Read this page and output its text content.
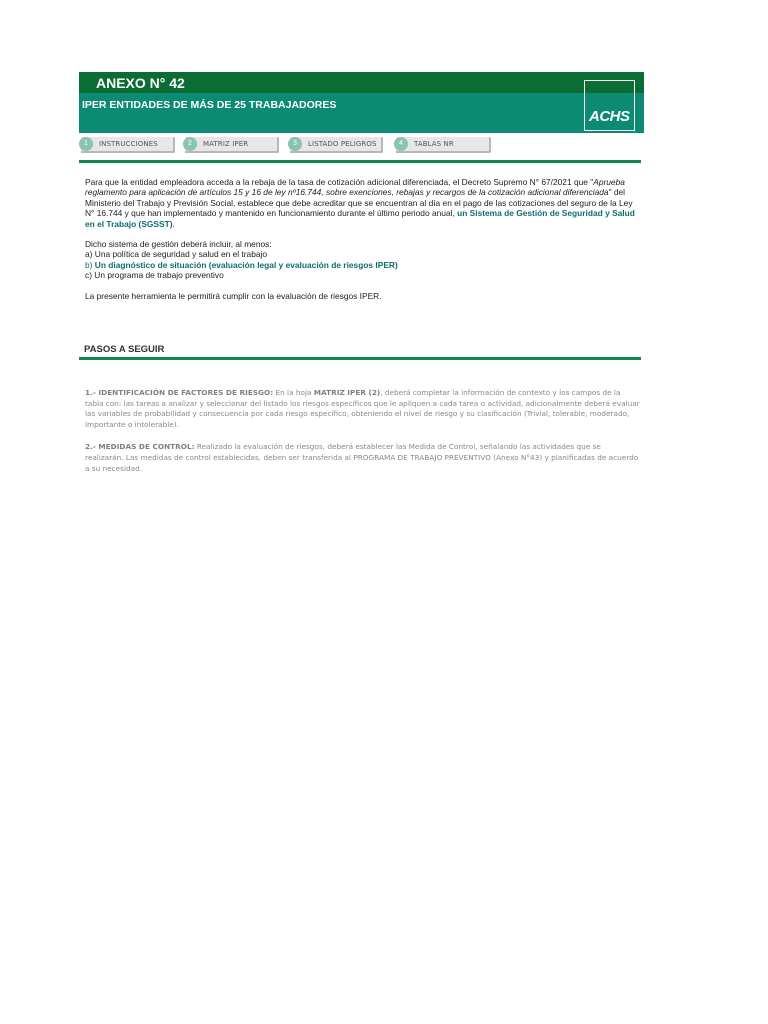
ANEXO N° 42
IPER ENTIDADES DE MÁS DE 25 TRABAJADORES
ACHS
1	INSTRUCCIONES	2	MATRIZ IPER	3	LISTADO PELIGROS	4	TABLAS NR

Para que la entidad empleadora acceda a la rebaja de la tasa de cotización adicional diferenciada, el Decreto Supremo N° 67/2021 que "Aprueba reglamento para aplicación de artículos 15 y 16 de ley nº16.744, sobre exenciones, rebajas y recargos de la cotización adicional diferenciada" del Ministerio del Trabajo y Previsión Social, establece que debe acreditar que se encuentran al día en el pago de las cotizaciones del seguro de la Ley N° 16.744 y que han implementado y mantenido en funcionamiento durante el último periodo anual, un Sistema de Gestión de Seguridad y Salud en el Trabajo (SGSST).

Dicho sistema de gestión deberá incluir, al menos:

a) Una política de seguridad y salud en el trabajo

b) Un diagnóstico de situación (evaluación legal y evaluación de riesgos IPER)

c) Un programa de trabajo preventivo

La presente herramienta le permitirá cumplir con la evaluación de riesgos IPER.

PASOS A SEGUIR

1.- IDENTIFICACIÓN DE FACTORES DE RIESGO: En la hoja MATRIZ IPER (2), deberá completar la información de contexto y los campos de la tabla con: las tareas a analizar y seleccionar del listado los riesgos específicos que le apliquen a cada tarea o actividad, adicionalmente deberá evaluar las variables de probabilidad y consecuencia por cada riesgo específico, obteniendo el nivel de riesgo y su clasificación (Trivial, tolerable, moderado, importante o intolerable).

2.- MEDIDAS DE CONTROL: Realizado la evaluación de riesgos, deberá establecer las Medida de Control, señalando las actividades que se realizarán. Las medidas de control establecidas, deben ser transferida al PROGRAMA DE TRABAJO PREVENTIVO (Anexo N°43) y planificadas de acuerdo a su necesidad.
